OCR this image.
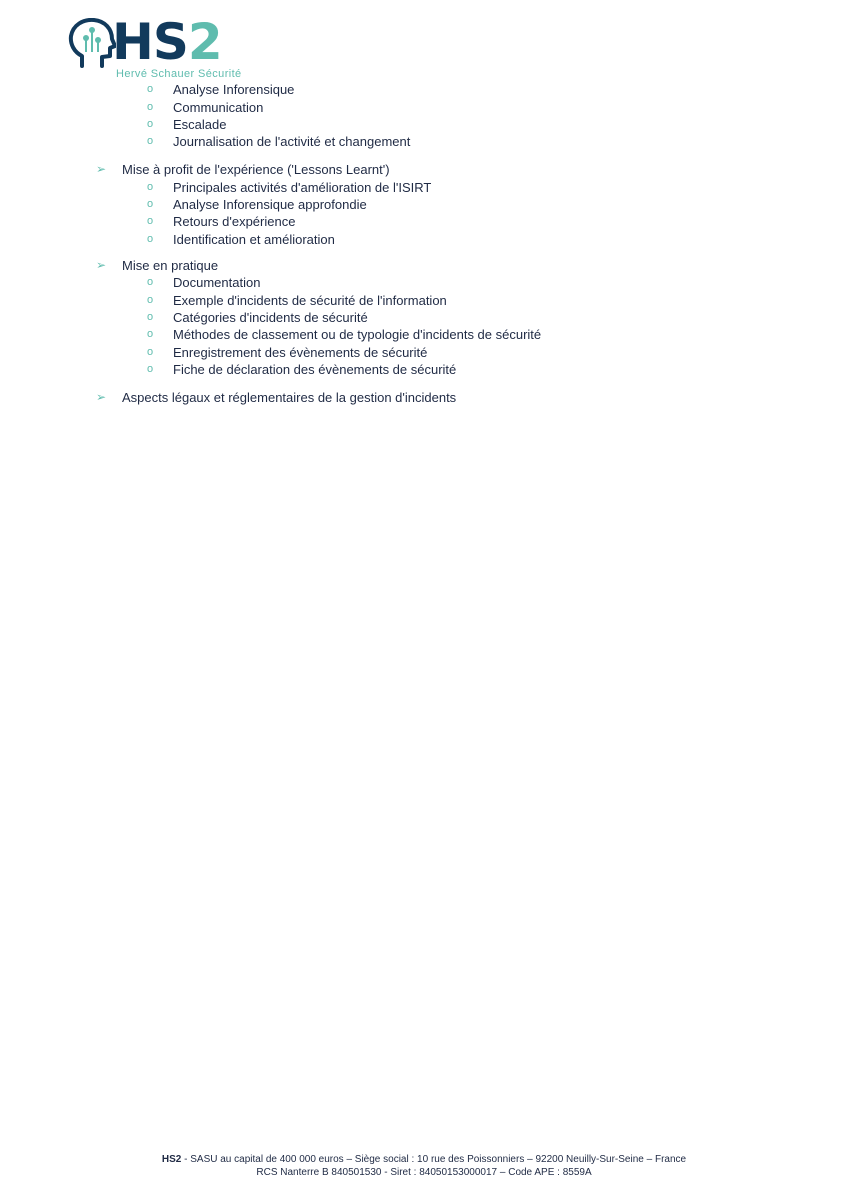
HS2
Hervé Schauer Sécurité
o Analyse Inforensique
o Communication
o Escalade
o Journalisation de l'activité et changement
➢ Mise à profit de l'expérience ('Lessons Learnt')
o Principales activités d'amélioration de l'ISIRT
o Analyse Inforensique approfondie
o Retours d'expérience
o Identification et amélioration
➢ Mise en pratique
o Documentation
o Exemple d'incidents de sécurité de l'information
o Catégories d'incidents de sécurité
o Méthodes de classement ou de typologie d'incidents de sécurité
o Enregistrement des évènements de sécurité
o Fiche de déclaration des évènements de sécurité
➢ Aspects légaux et réglementaires de la gestion d'incidents
HS2 - SASU au capital de 400 000 euros – Siège social : 10 rue des Poissonniers – 92200 Neuilly-Sur-Seine – France
RCS Nanterre B 840501530 - Siret : 84050153000017 – Code APE : 8559A
